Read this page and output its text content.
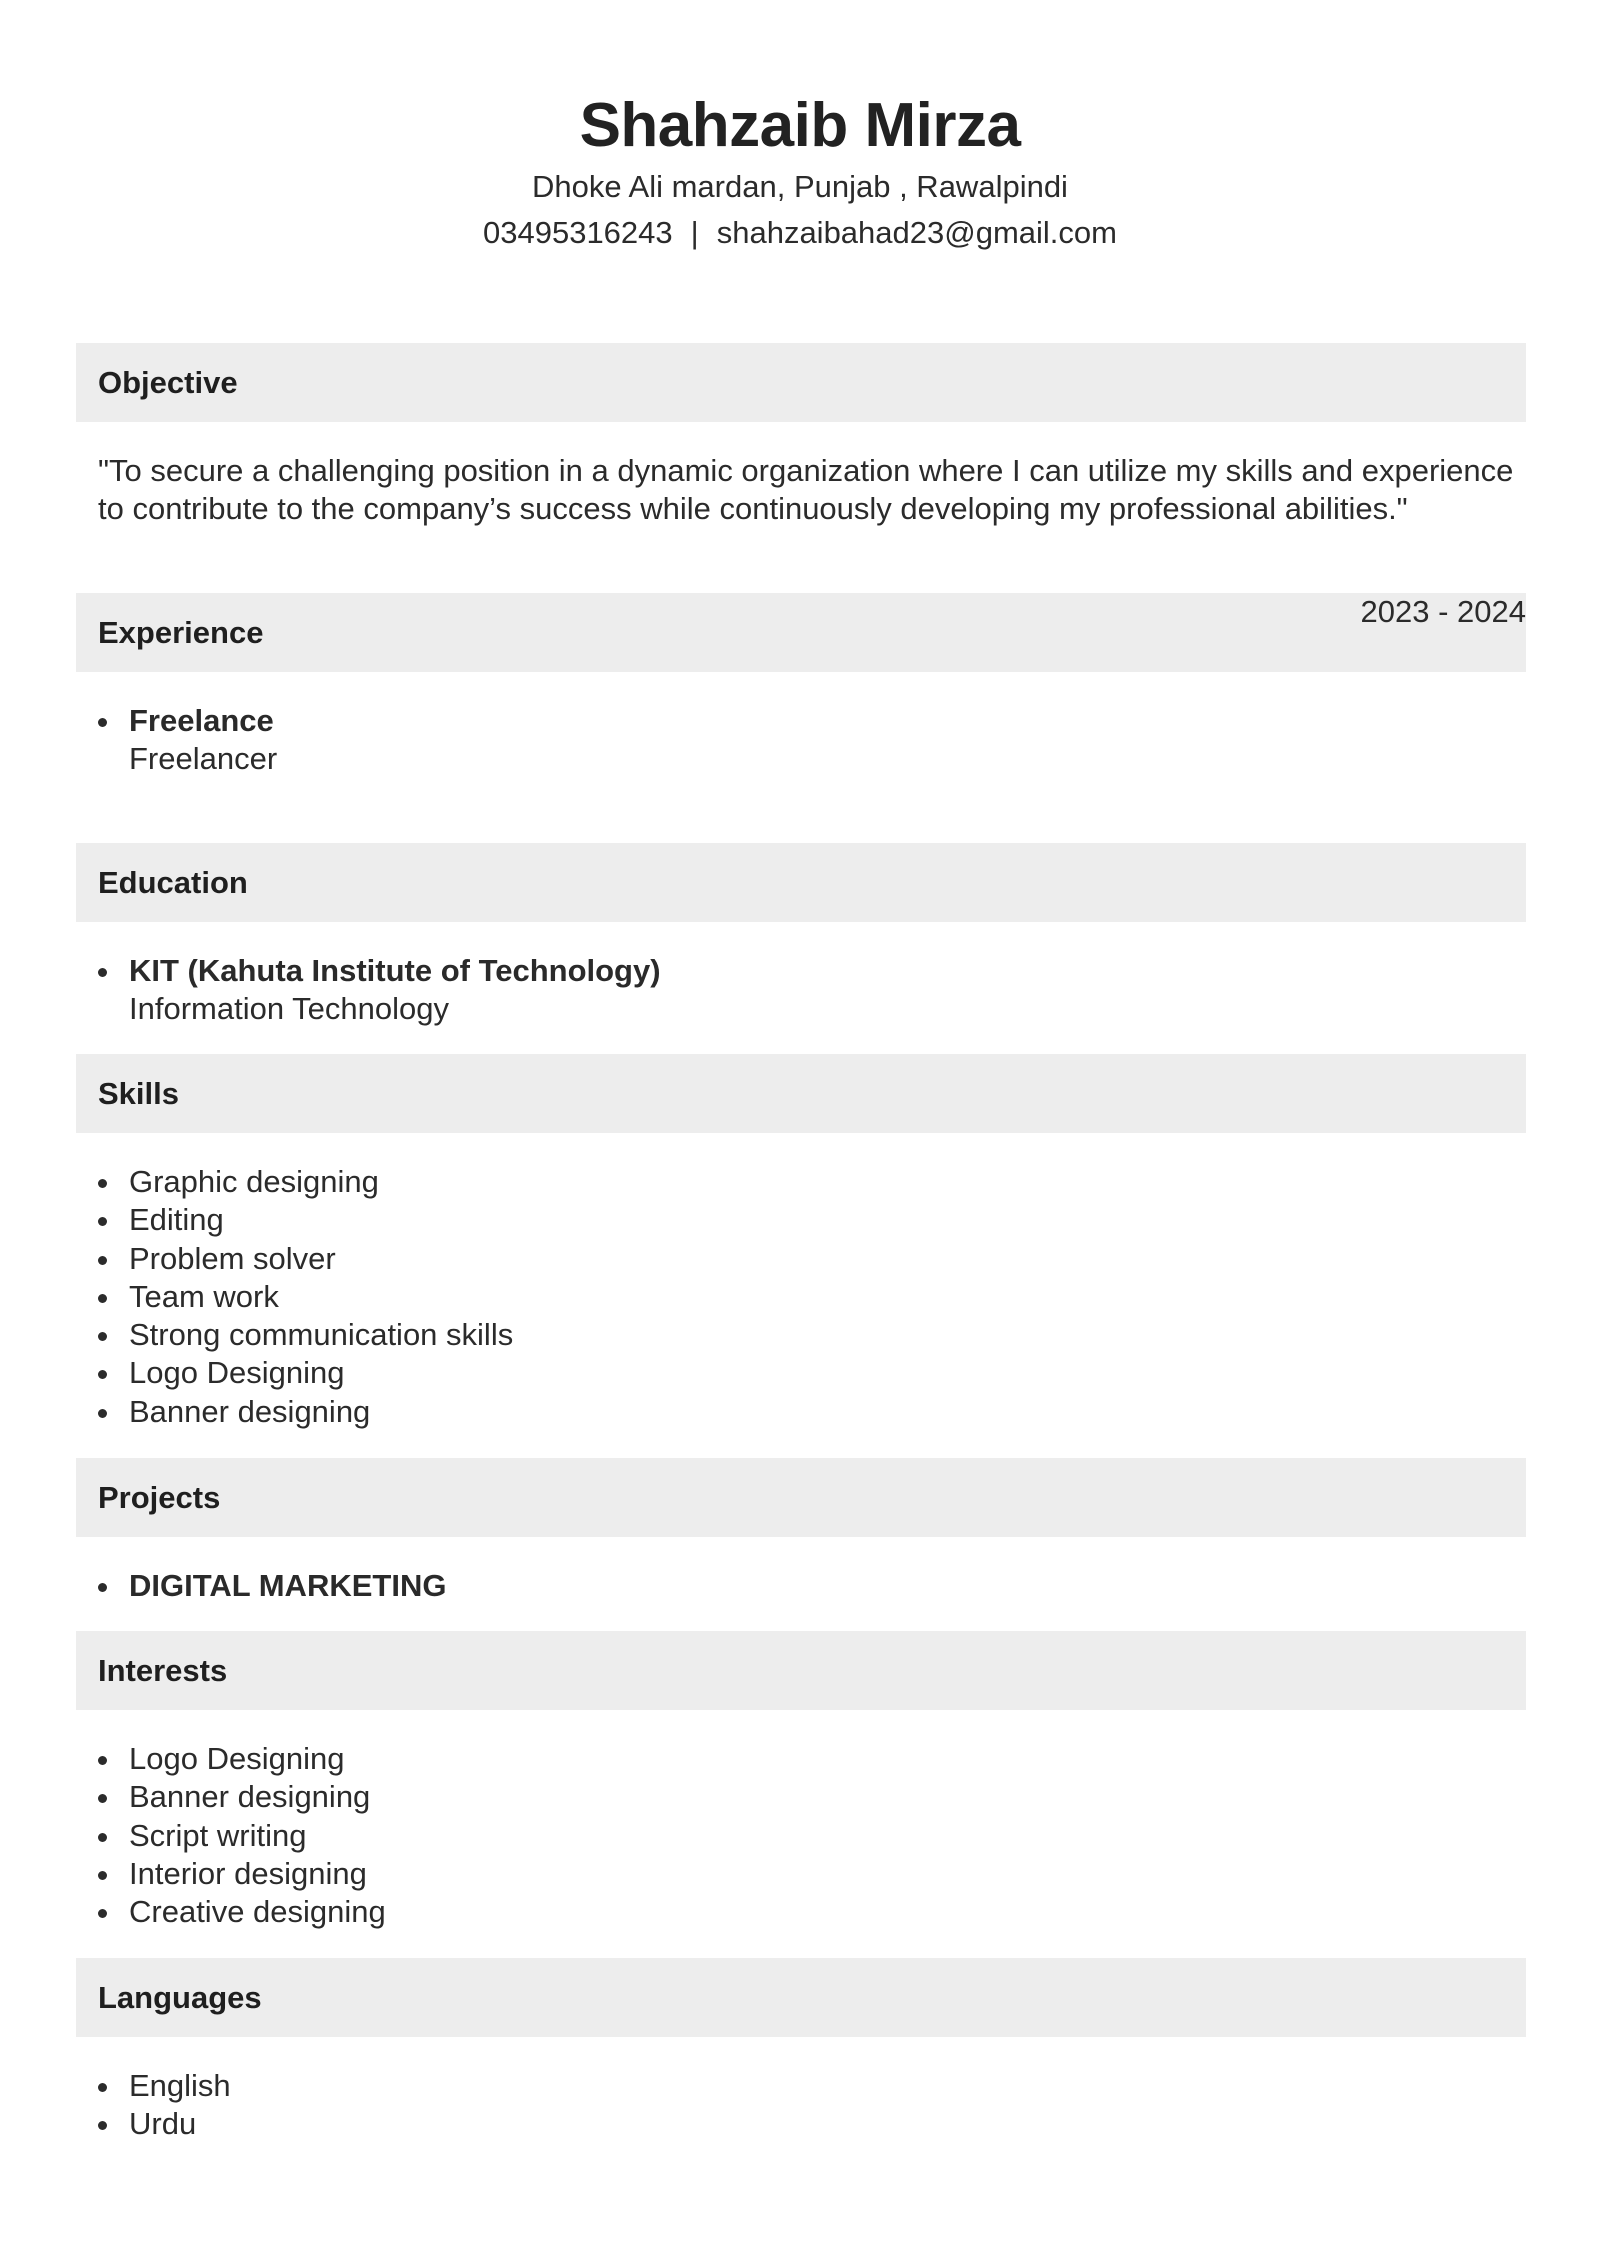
Shahzaib Mirza
Dhoke Ali mardan, Punjab , Rawalpindi
03495316243 | shahzaibahad23@gmail.com
Objective
"To secure a challenging position in a dynamic organization where I can utilize my skills and experience to contribute to the company’s success while continuously developing my professional abilities."
Experience
Freelance
Freelancer
2023 - 2024
Education
KIT (Kahuta Institute of Technology)
Information Technology
Skills
Graphic designing
Editing
Problem solver
Team work
Strong communication skills
Logo Designing
Banner designing
Projects
DIGITAL MARKETING
Interests
Logo Designing
Banner designing
Script writing
Interior designing
Creative designing
Languages
English
Urdu
